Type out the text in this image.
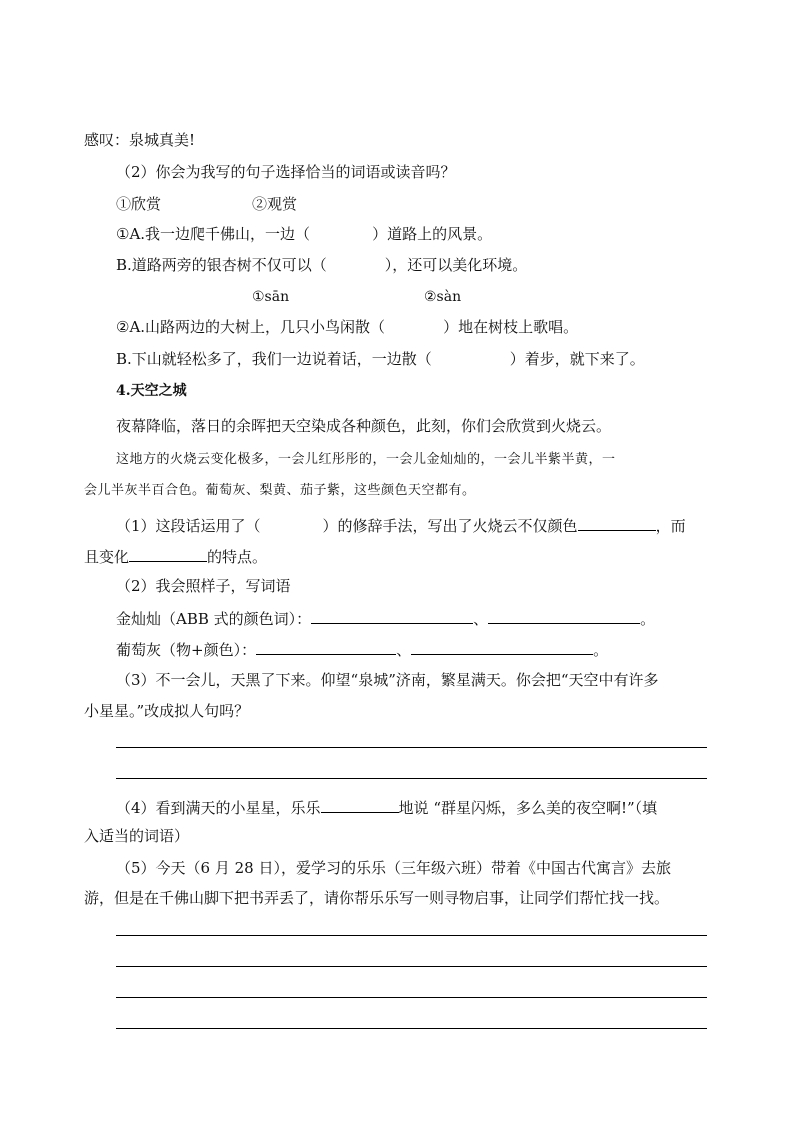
感叹：泉城真美!
（2）你会为我写的句子选择恰当的词语或读音吗？
①欣赏	②观赏
①A.我一边爬千佛山，一边（	）道路上的风景。
B.道路两旁的银杏树不仅可以（	），还可以美化环境。
①sān	②sàn
②A.山路两边的大树上，几只小鸟闲散（	）地在树枝上歌唱。
B.下山就轻松多了，我们一边说着话，一边散（	）着步，就下来了。
4.天空之城
夜幕降临，落日的余晖把天空染成各种颜色，此刻，你们会欣赏到火烧云。
这地方的火烧云变化极多，一会儿红彤彤的，一会儿金灿灿的，一会儿半紫半黄，一
会儿半灰半百合色。葡萄灰、梨黄、茄子紫，这些颜色天空都有。
（1）这段话运用了（	）的修辞手法，写出了火烧云不仅颜色	，而
且变化	的特点。
（2）我会照样子，写词语
金灿灿（ABB 式的颜色词）：	、	。
葡萄灰（物+颜色）：	、	。
（3）不一会儿，天黑了下来。仰望“泉城”济南，繁星满天。你会把“天空中有许多
小星星。”改成拟人句吗？
（4）看到满天的小星星，乐乐	地说 “群星闪烁，多么美的夜空啊!”（填
入适当的词语）
（5）今天（6 月 28 日），爱学习的乐乐（三年级六班）带着《中国古代寓言》去旅
游，但是在千佛山脚下把书弄丢了，请你帮乐乐写一则寻物启事，让同学们帮忙找一找。
